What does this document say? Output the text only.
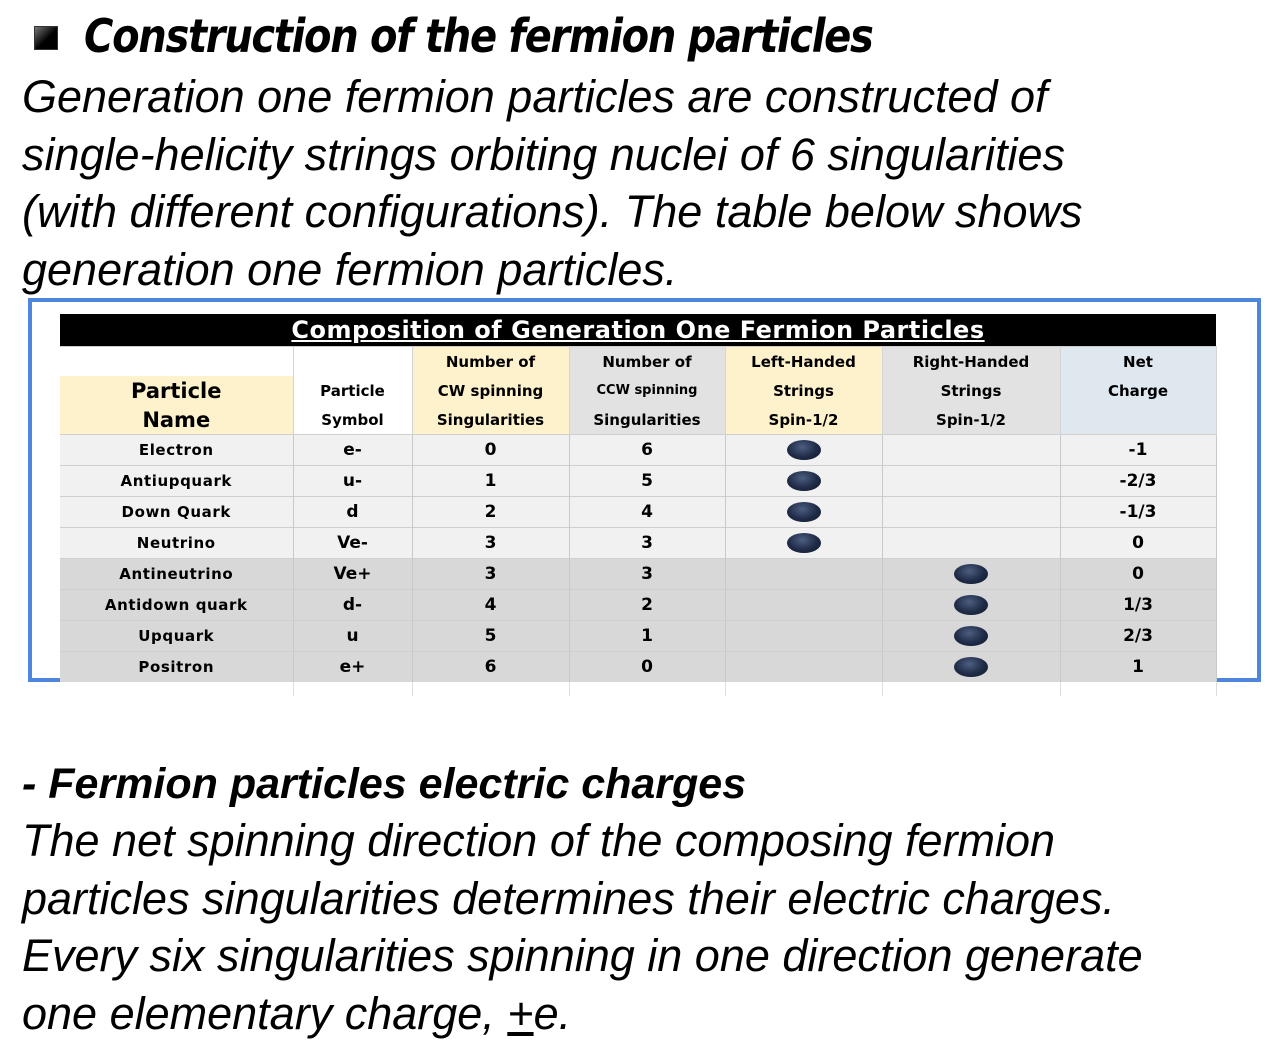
Construction of the fermion particles
Generation one fermion particles are constructed of
single-helicity strings orbiting nuclei of 6 singularities
(with different configurations). The table below shows
generation one fermion particles.
Composition of Generation One Fermion Particles						
		Number of	Number of	Left-Handed	Right-Handed	Net
Particle	Particle	CW spinning	CCW spinning	Strings	Strings	Charge
Name	Symbol	Singularities	Singularities	Spin-1/2	Spin-1/2	
Electron	e-	0	6			-1
Antiupquark	u-	1	5			-2/3
Down Quark	d	2	4			-1/3
Neutrino	Ve-	3	3			0
Antineutrino	Ve+	3	3			0
Antidown quark	d-	4	2			1/3
Upquark	u	5	1			2/3
Positron	e+	6	0			1

- Fermion particles electric charges
The net spinning direction of the composing fermion
particles singularities determines their electric charges.
Every six singularities spinning in one direction generate
one elementary charge, +e.
